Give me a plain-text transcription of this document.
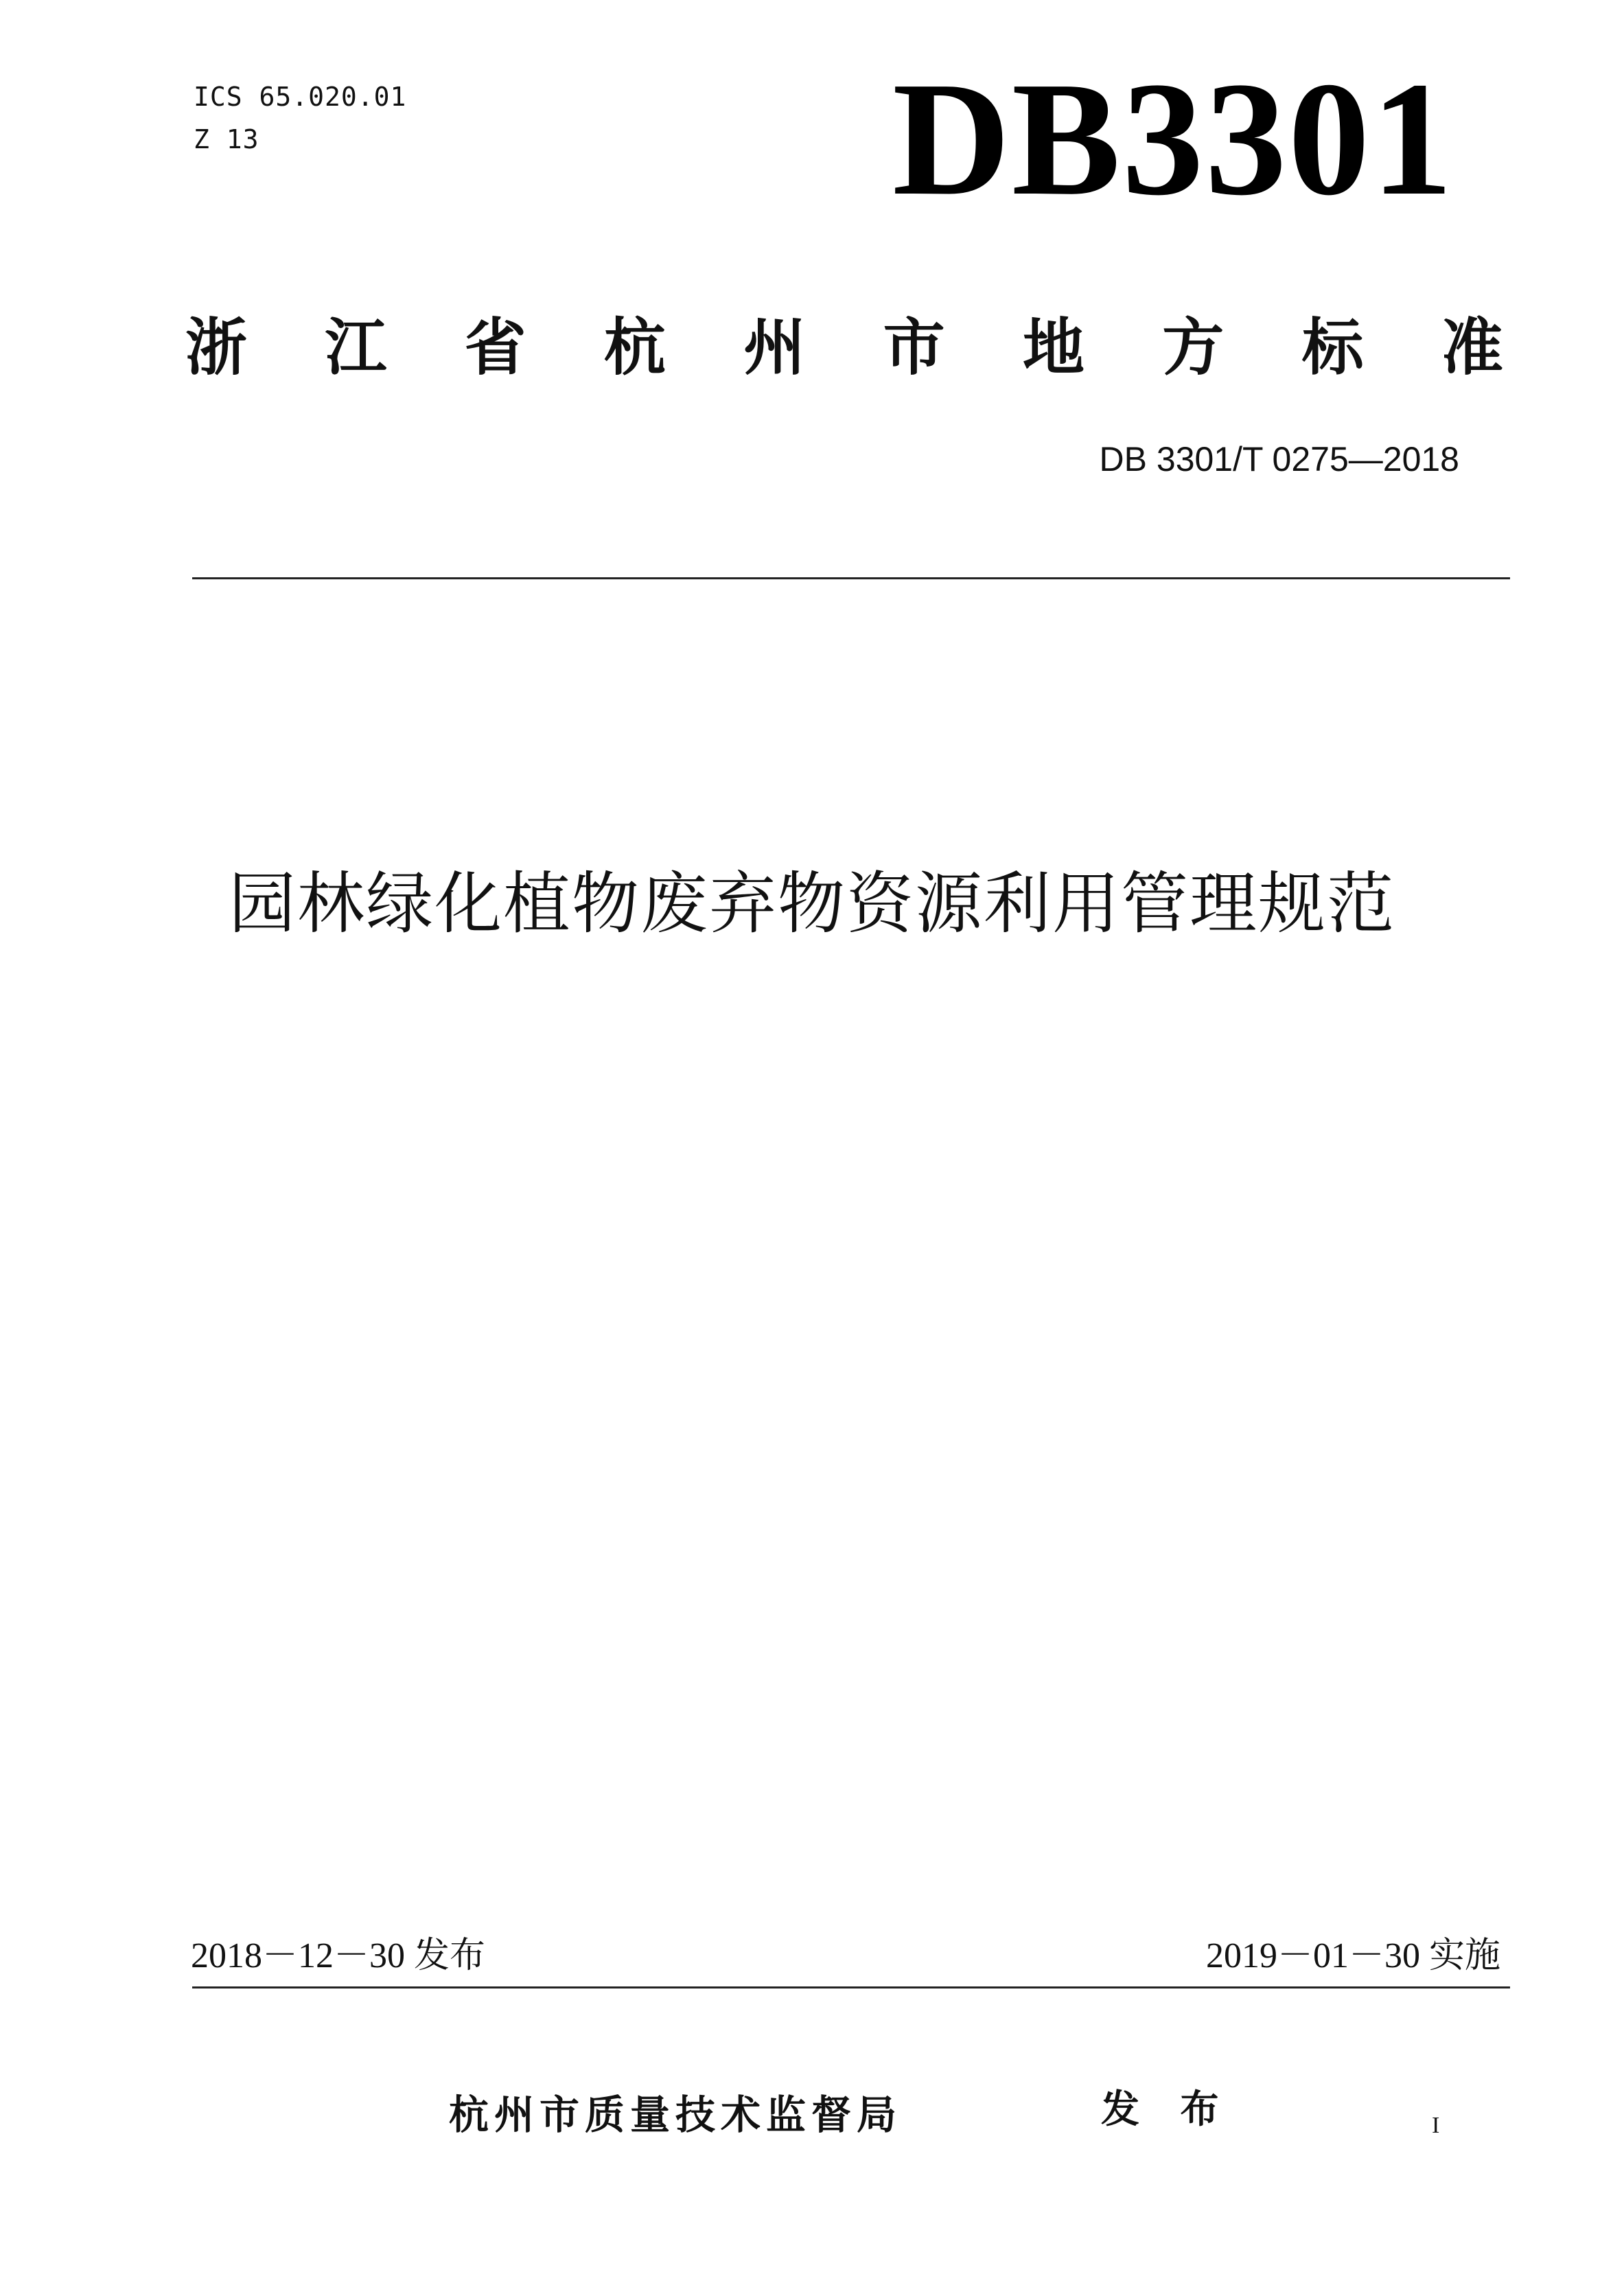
ICS 65.020.01
Z 13	DB3301
浙 江 省 杭 州 市 地 方 标 准
DB 3301/T 0275—2018
园林绿化植物废弃物资源利用管理规范
2018－12－30 发布	2019－01－30 实施
杭州市质量技术监督局	发 布	I
